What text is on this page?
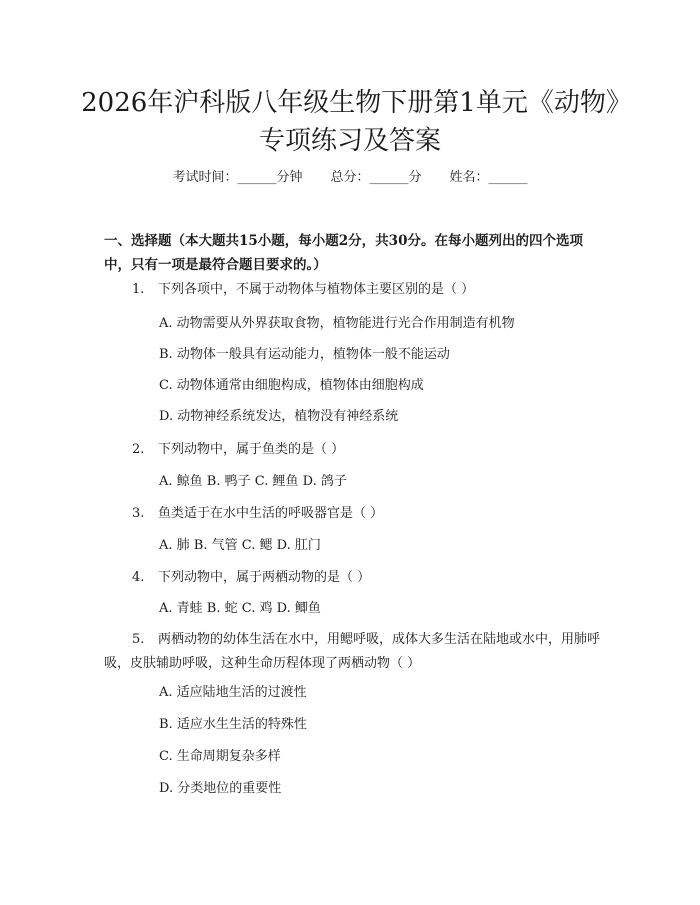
2026年沪科版八年级生物下册第1单元《动物》专项练习及答案
考试时间：______分钟 总分：______分 姓名：______
一、选择题（本大题共15小题，每小题2分，共30分。在每小题列出的四个选项中，只有一项是最符合题目要求的。）
1. 下列各项中，不属于动物体与植物体主要区别的是（ ）
A. 动物需要从外界获取食物，植物能进行光合作用制造有机物
B. 动物体一般具有运动能力，植物体一般不能运动
C. 动物体通常由细胞构成，植物体由细胞构成
D. 动物神经系统发达，植物没有神经系统
2. 下列动物中，属于鱼类的是（ ）
A. 鲸鱼 B. 鸭子 C. 鲤鱼 D. 鸽子
3. 鱼类适于在水中生活的呼吸器官是（ ）
A. 肺 B. 气管 C. 鳃 D. 肛门
4. 下列动物中，属于两栖动物的是（ ）
A. 青蛙 B. 蛇 C. 鸡 D. 鲫鱼
5. 两栖动物的幼体生活在水中，用鳃呼吸，成体大多生活在陆地或水中，用肺呼吸，皮肤辅助呼吸，这种生命历程体现了两栖动物（ ）
A. 适应陆地生活的过渡性
B. 适应水生生活的特殊性
C. 生命周期复杂多样
D. 分类地位的重要性
